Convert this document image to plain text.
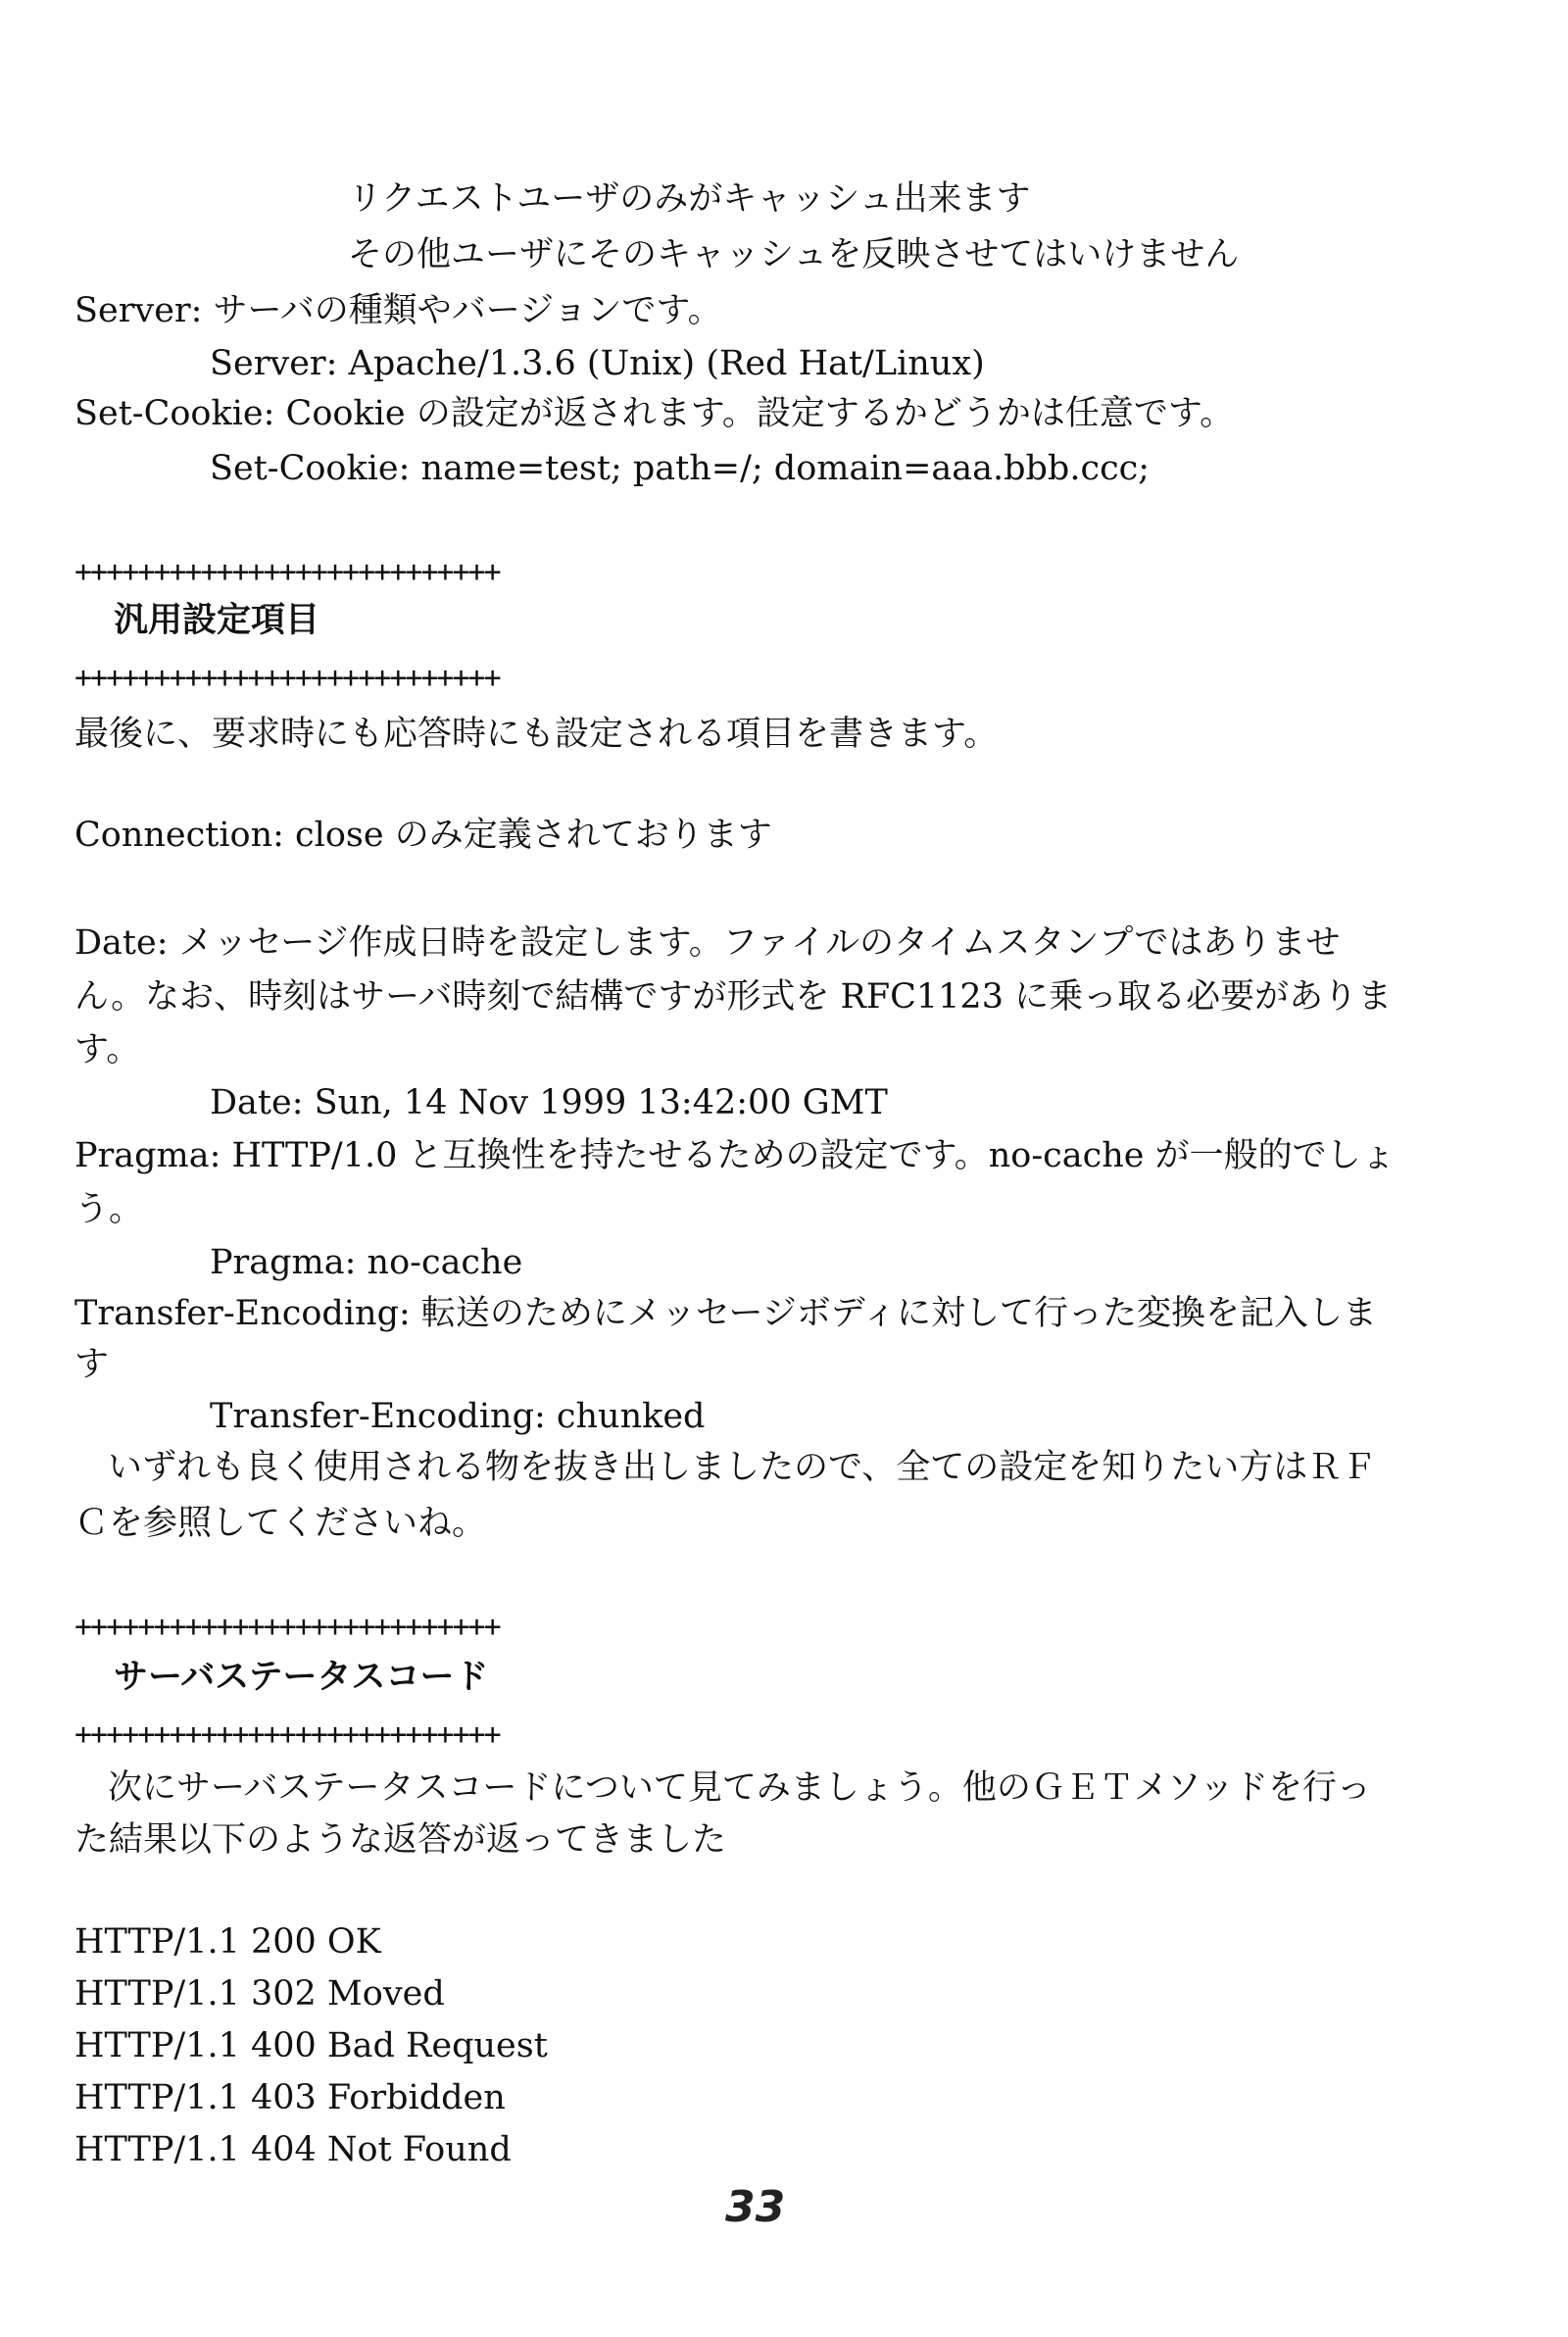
リクエストユーザのみがキャッシュ出来ます
その他ユーザにそのキャッシュを反映させてはいけません
Server: サーバの種類やバージョンです。
Server: Apache/1.3.6 (Unix) (Red Hat/Linux)
Set-Cookie: Cookie の設定が返されます。設定するかどうかは任意です。
Set-Cookie: name=test; path=/; domain=aaa.bbb.ccc;
+++++++++++++++++++++++++++
汎用設定項目
+++++++++++++++++++++++++++
最後に、要求時にも応答時にも設定される項目を書きます。
Connection: close のみ定義されております
Date: メッセージ作成日時を設定します。ファイルのタイムスタンプではありませ
ん。なお、時刻はサーバ時刻で結構ですが形式を RFC1123 に乗っ取る必要がありま
す。
Date: Sun, 14 Nov 1999 13:42:00 GMT
Pragma: HTTP/1.0 と互換性を持たせるための設定です。no-cache が一般的でしょ
う。
Pragma: no-cache
Transfer-Encoding: 転送のためにメッセージボディに対して行った変換を記入しま
す
Transfer-Encoding: chunked
いずれも良く使用される物を抜き出しましたので、全ての設定を知りたい方はＲＦ
Ｃを参照してくださいね。
+++++++++++++++++++++++++++
サーバステータスコード
+++++++++++++++++++++++++++
次にサーバステータスコードについて見てみましょう。他のＧＥＴメソッドを行っ
た結果以下のような返答が返ってきました
HTTP/1.1 200 OK
HTTP/1.1 302 Moved
HTTP/1.1 400 Bad Request
HTTP/1.1 403 Forbidden
HTTP/1.1 404 Not Found
33
